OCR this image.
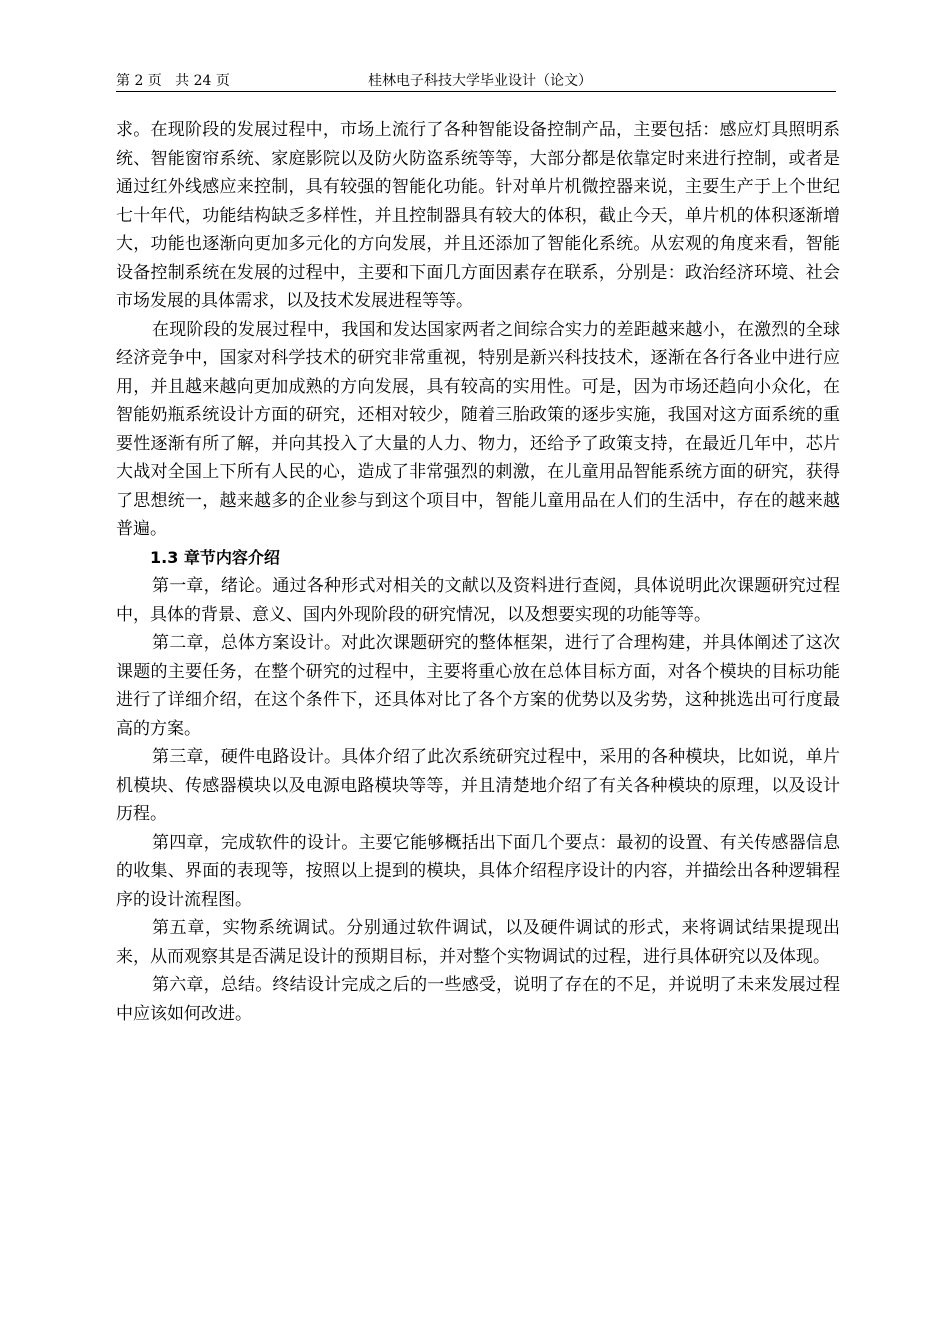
第 2 页   共 24 页	桂林电子科技大学毕业设计（论文）

求。在现阶段的发展过程中，市场上流行了各种智能设备控制产品，主要包括：感应灯具照明系统、智能窗帘系统、家庭影院以及防火防盗系统等等，大部分都是依靠定时来进行控制，或者是通过红外线感应来控制，具有较强的智能化功能。针对单片机微控器来说，主要生产于上个世纪七十年代，功能结构缺乏多样性，并且控制器具有较大的体积，截止今天，单片机的体积逐渐增大，功能也逐渐向更加多元化的方向发展，并且还添加了智能化系统。从宏观的角度来看，智能设备控制系统在发展的过程中，主要和下面几方面因素存在联系，分别是：政治经济环境、社会市场发展的具体需求，以及技术发展进程等等。

在现阶段的发展过程中，我国和发达国家两者之间综合实力的差距越来越小，在激烈的全球经济竞争中，国家对科学技术的研究非常重视，特别是新兴科技技术，逐渐在各行各业中进行应用，并且越来越向更加成熟的方向发展，具有较高的实用性。可是，因为市场还趋向小众化，在智能奶瓶系统设计方面的研究，还相对较少，随着三胎政策的逐步实施，我国对这方面系统的重要性逐渐有所了解，并向其投入了大量的人力、物力，还给予了政策支持，在最近几年中，芯片大战对全国上下所有人民的心，造成了非常强烈的刺激，在儿童用品智能系统方面的研究，获得了思想统一，越来越多的企业参与到这个项目中，智能儿童用品在人们的生活中，存在的越来越普遍。

1.3 章节内容介绍

第一章，绪论。通过各种形式对相关的文献以及资料进行查阅，具体说明此次课题研究过程中，具体的背景、意义、国内外现阶段的研究情况，以及想要实现的功能等等。

第二章，总体方案设计。对此次课题研究的整体框架，进行了合理构建，并具体阐述了这次课题的主要任务，在整个研究的过程中，主要将重心放在总体目标方面，对各个模块的目标功能进行了详细介绍，在这个条件下，还具体对比了各个方案的优势以及劣势，这种挑选出可行度最高的方案。

第三章，硬件电路设计。具体介绍了此次系统研究过程中，采用的各种模块，比如说，单片机模块、传感器模块以及电源电路模块等等，并且清楚地介绍了有关各种模块的原理，以及设计历程。

第四章，完成软件的设计。主要它能够概括出下面几个要点：最初的设置、有关传感器信息的收集、界面的表现等，按照以上提到的模块，具体介绍程序设计的内容，并描绘出各种逻辑程序的设计流程图。

第五章，实物系统调试。分别通过软件调试，以及硬件调试的形式，来将调试结果提现出来，从而观察其是否满足设计的预期目标，并对整个实物调试的过程，进行具体研究以及体现。

第六章，总结。终结设计完成之后的一些感受，说明了存在的不足，并说明了未来发展过程中应该如何改进。
